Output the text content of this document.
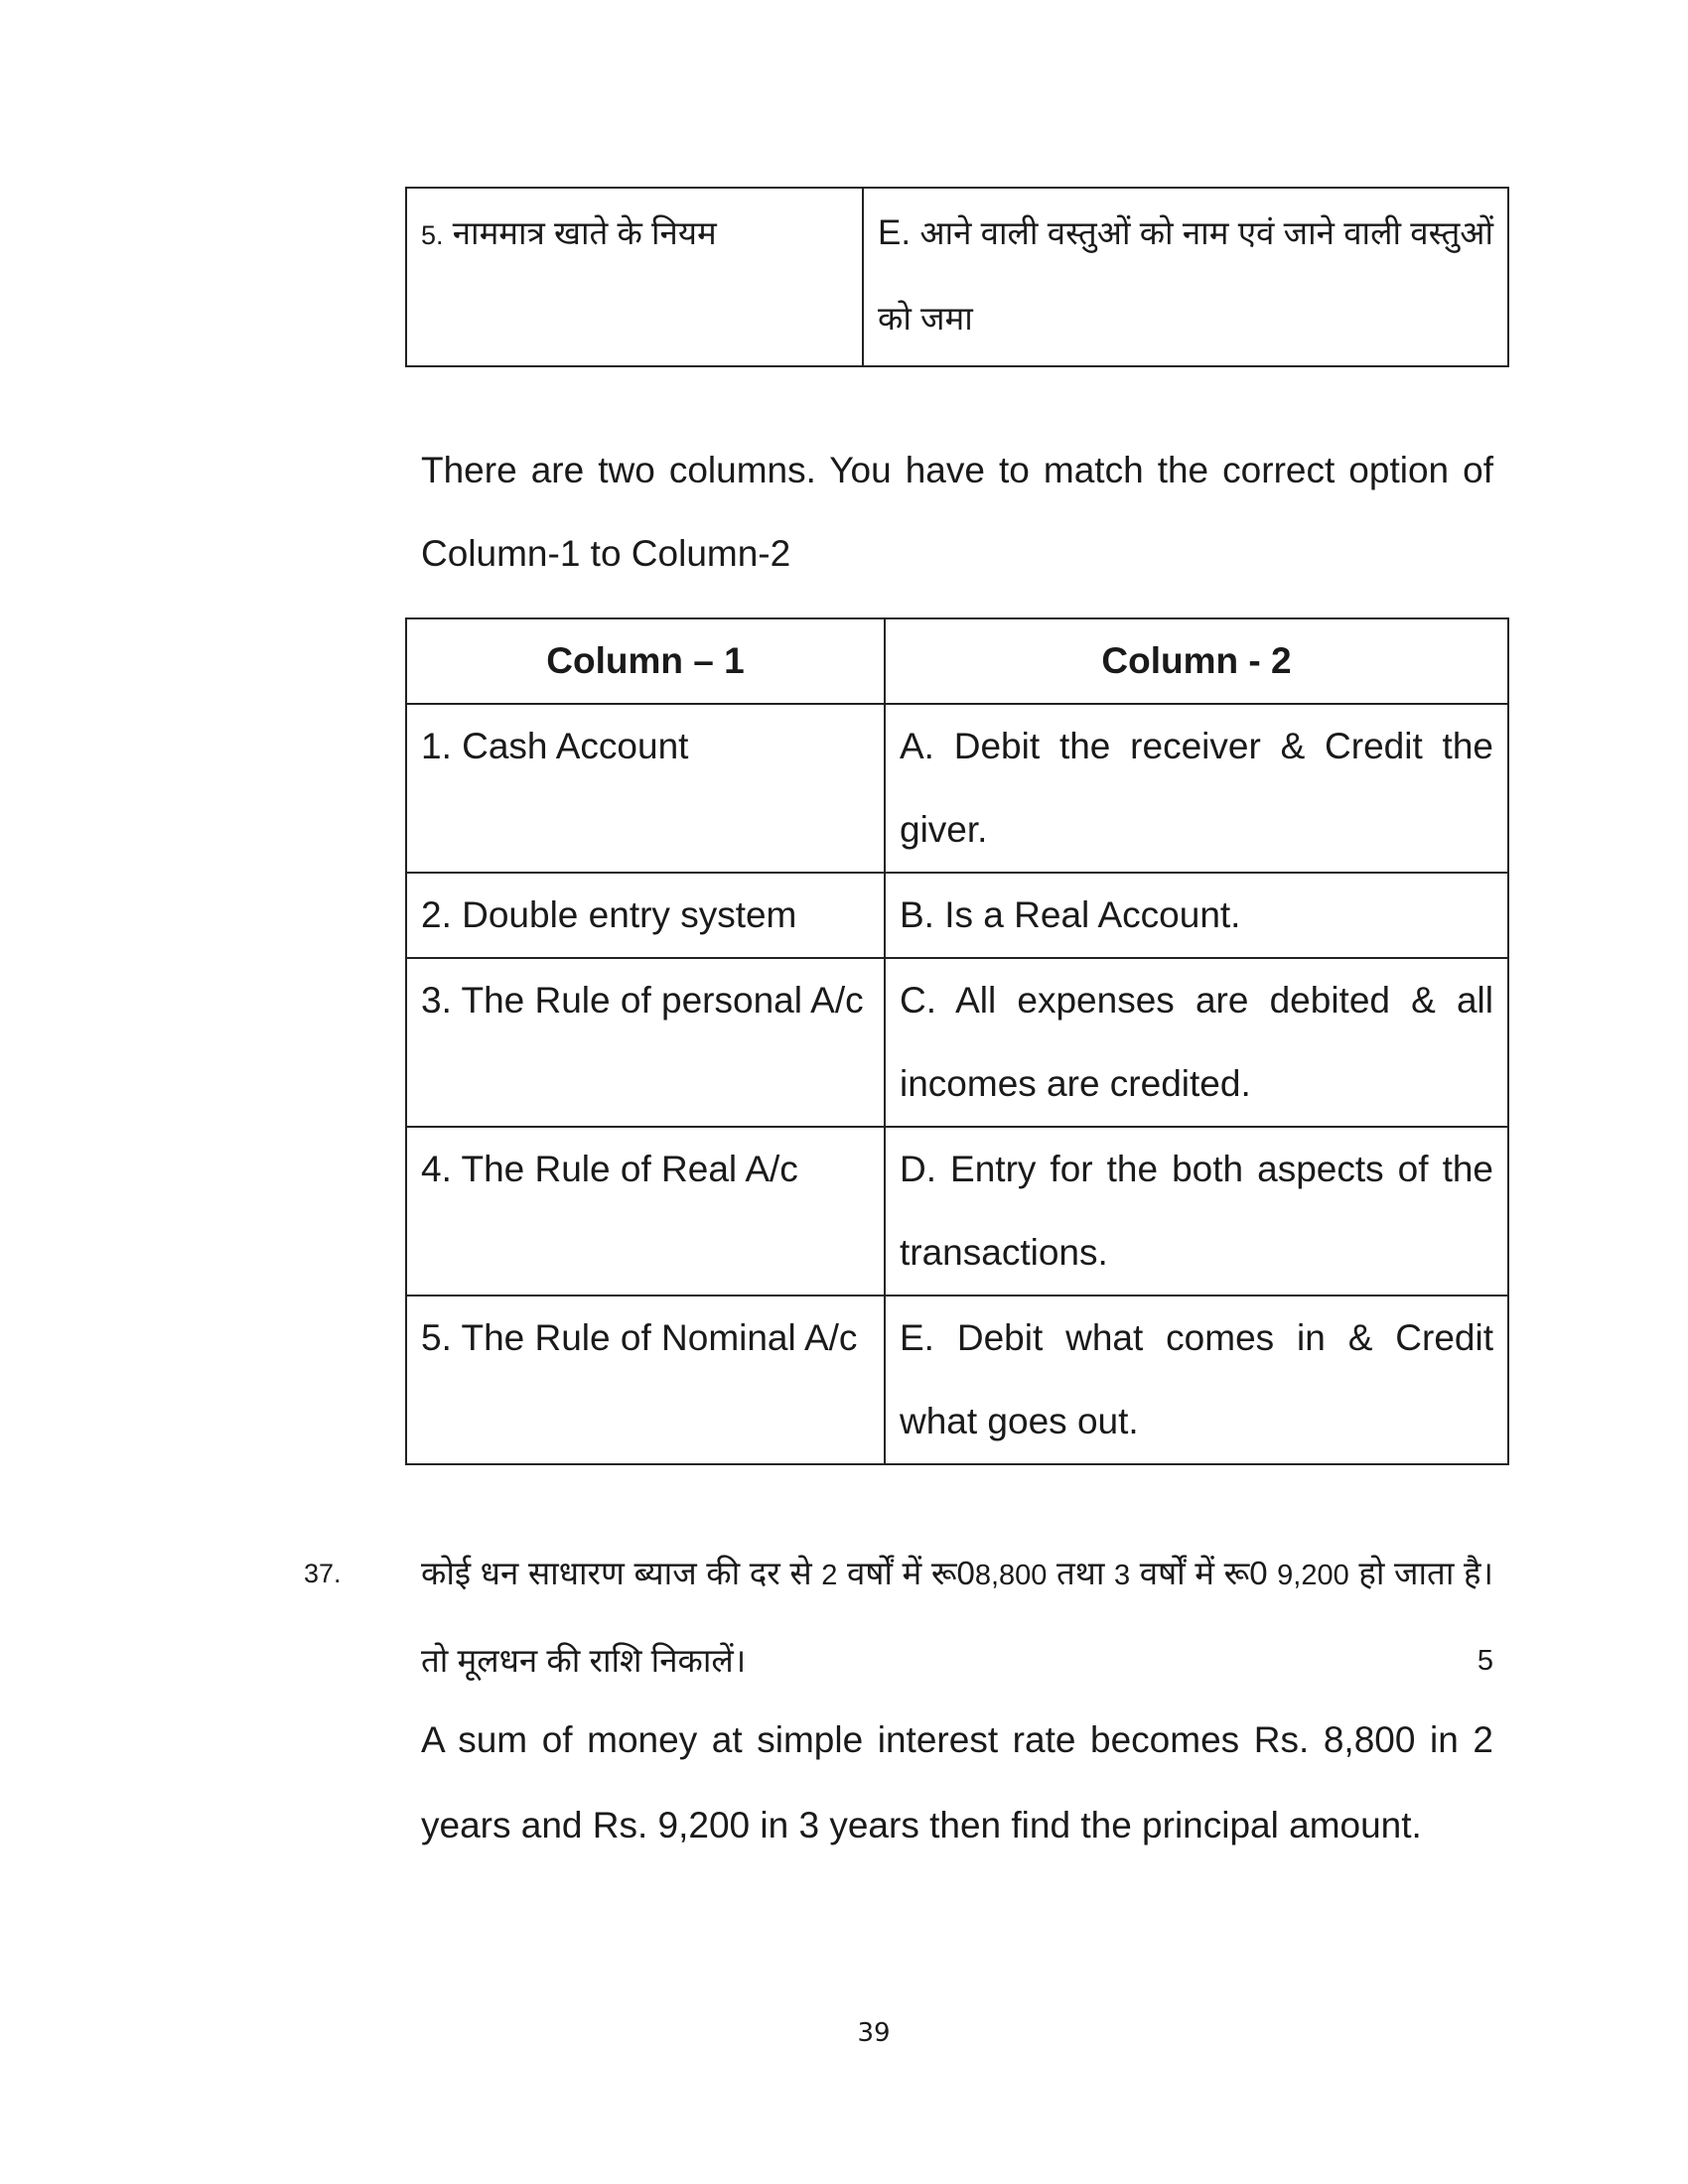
5. नाममात्र खाते के नियम	E. आने वाली वस्तुओं को नाम एवं जाने वाली वस्तुओं को जमा

There are two columns. You have to match the correct option of Column-1 to Column-2

Column – 1	Column - 2
1. Cash Account	A. Debit the receiver & Credit the giver.
2. Double entry system	B. Is a Real Account.
3. The Rule of personal A/c	C. All expenses are debited & all incomes are credited.
4. The Rule of Real A/c	D. Entry for the both aspects of the transactions.
5. The Rule of Nominal A/c	E. Debit what comes in & Credit what goes out.
37. कोई धन साधारण ब्याज की दर से 2 वर्षों में रू08,800 तथा 3 वर्षों में रू0 9,200 हो जाता है। तो मूलधन की राशि निकालें।	5

A sum of money at simple interest rate becomes Rs. 8,800 in 2 years and Rs. 9,200 in 3 years then find the principal amount.

39
